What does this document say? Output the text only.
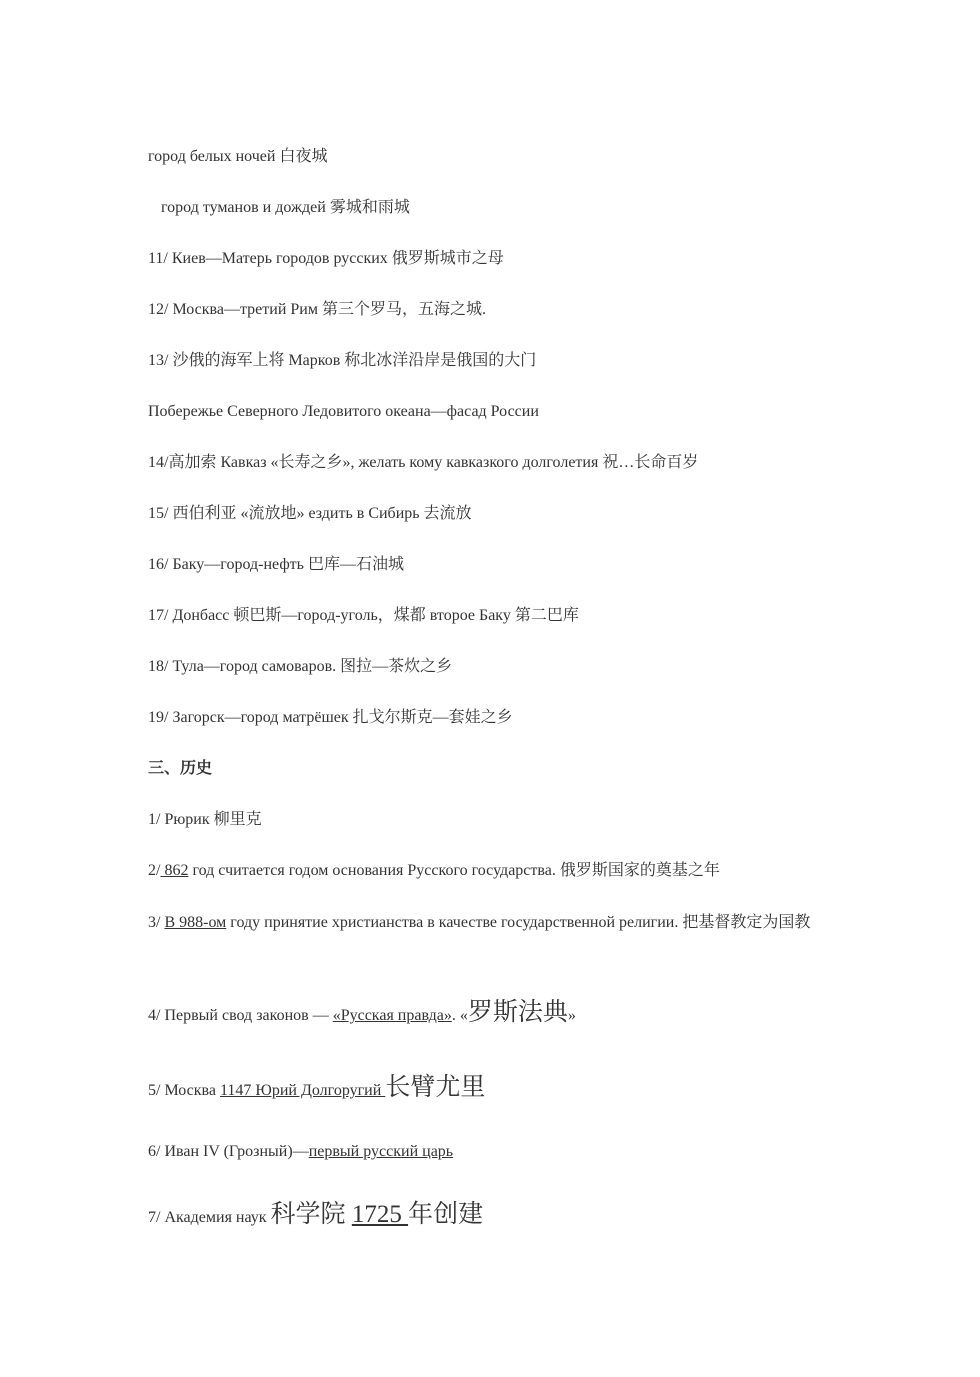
город белых ночей 白夜城
город туманов и дождей 雾城和雨城
11/ Киев—Матерь городов русских 俄罗斯城市之母
12/ Москва—третий Рим 第三个罗马，五海之城.
13/ 沙俄的海军上将 Марков 称北冰洋沿岸是俄国的大门
Побережье Северного Ледовитого океана—фасад России
14/高加索 Кавказ «长寿之乡», желать кому кавказкого долголетия 祝…长命百岁
15/ 西伯利亚 «流放地» ездить в Сибирь 去流放
16/ Баку—город-нефть 巴库—石油城
17/ Донбасс 顿巴斯—город-уголь，煤都 второе Баку 第二巴库
18/ Тула—город самоваров. 图拉—茶炊之乡
19/ Загорск—город матрёшек 扎戈尔斯克—套娃之乡
三、历史
1/ Рюрик 柳里克
2/ 862 год считается годом основания Русского государства. 俄罗斯国家的奠基之年
3/ В 988-ом году принятие христианства в качестве государственной религии. 把基督教定为国教
4/ Первый свод законов — «Русская правда». «罗斯法典»
5/ Москва 1147 Юрий Долгоругий 长臂尤里
6/ Иван IV (Грозный)—первый русский царь
7/ Академия наук 科学院 1725 年创建
